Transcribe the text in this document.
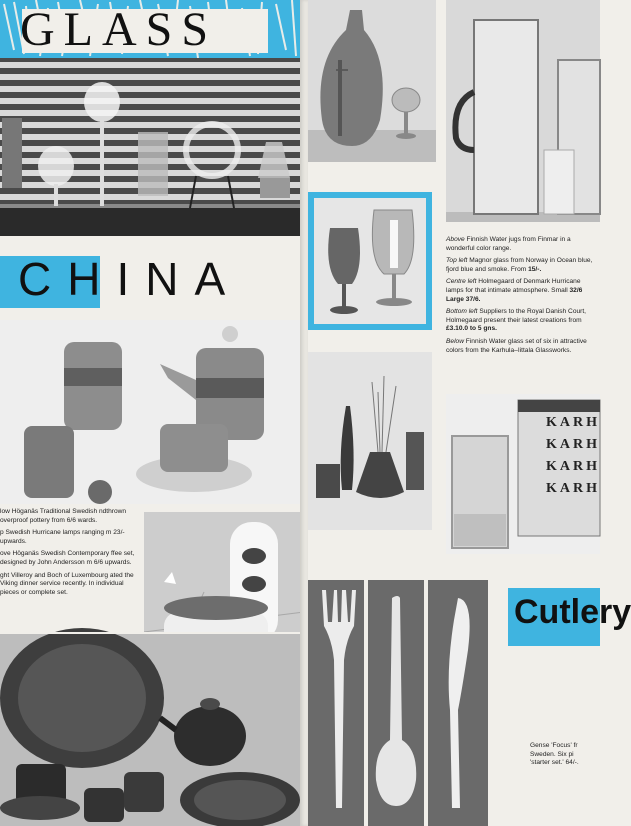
GLASS
CHINA

low Höganäs Traditional Swedish ndthrown overproof pottery from 6/6 wards.

p Swedish Hurricane lamps ranging m 23/- upwards.

ove Höganäs Swedish Contemporary ffee set, designed by John Andersson m 6/6 upwards.

ght Villeroy and Boch of Luxembourg ated the Viking dinner service recently. In individual pieces or complete set.

Above Finnish Water jugs from Finmar in a wonderful color range.

Top left Magnor glass from Norway in Ocean blue, fjord blue and smoke. From 15/-.

Centre left Holmegaard of Denmark Hurricane lamps for that intimate atmosphere. Small 32/6 Large 37/6.

Bottom left Suppliers to the Royal Danish Court, Holmegaard present their latest creations from £3.10.0 to 5 gns.

Below Finnish Water glass set of six in attractive colors from the Karhula–Iittala Glassworks.

KARH
KARH
KARH
KARH
Cutlery
Gense 'Focus' fr
Sweden. Six pi
'starter set.' 64/-.
